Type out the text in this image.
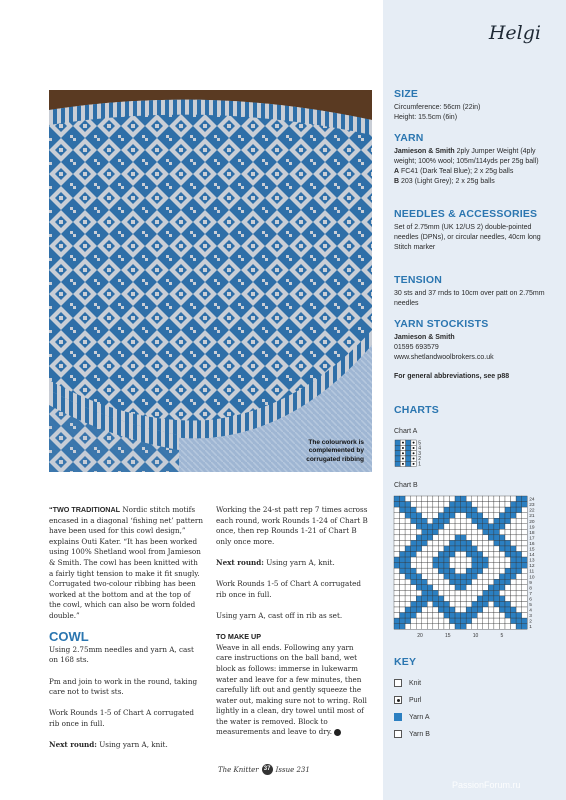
Helgi
SIZE
Circumference: 56cm (22in)
Height: 15.5cm (6in)
YARN
Jamieson & Smith 2ply Jumper Weight (4ply weight; 100% wool; 105m/114yds per 25g ball)
A FC41 (Dark Teal Blue); 2 x 25g balls
B 203 (Light Grey); 2 x 25g balls
NEEDLES & ACCESSORIES
Set of 2.75mm (UK 12/US 2) double-pointed needles (DPNs), or circular needles, 40cm long
Stitch marker
TENSION
30 sts and 37 rnds to 10cm over patt on 2.75mm needles
YARN STOCKISTS
Jamieson & Smith
01595 693579
www.shetlandwoolbrokers.co.uk
For general abbreviations, see p88
CHARTS
Chart A
Chart B
5
4
3
2
1
24
23
22
21
20
19
18
17
16
15
14
13
12
11
10
9
8
7
6
5
4
3
2
1
20	15	10	5
KEY
Knit
Purl
Yarn A
Yarn B
The colourwork is complemented by corrugated ribbing

“TWO TRADITIONAL Nordic stitch motifs encased in a diagonal ‘fishing net’ pattern have been used for this cowl design,” explains Outi Kater. “It has been worked using 100% Shetland wool from Jamieson & Smith. The cowl has been knitted with a fairly tight tension to make it fit snugly. Corrugated two-colour ribbing has been worked at the bottom and at the top of the cowl, which can also be worn folded double.”

COWL

Using 2.75mm needles and yarn A, cast on 168 sts.

Pm and join to work in the round, taking care not to twist sts.

Work Rounds 1-5 of Chart A corrugated rib once in full.

Next round: Using yarn A, knit.

Working the 24-st patt rep 7 times across each round, work Rounds 1-24 of Chart B once, then rep Rounds 1-21 of Chart B only once more.

Next round: Using yarn A, knit.

Work Rounds 1-5 of Chart A corrugated rib once in full.

Using yarn A, cast off in rib as set.

TO MAKE UP

Weave in all ends. Following any yarn care instructions on the ball band, wet block as follows: immerse in lukewarm water and leave for a few minutes, then carefully lift out and gently squeeze the water out, making sure not to wring. Roll lightly in a clean, dry towel until most of the water is removed. Block to measurements and leave to dry.

The Knitter 37 Issue 231
PassionForum.ru
